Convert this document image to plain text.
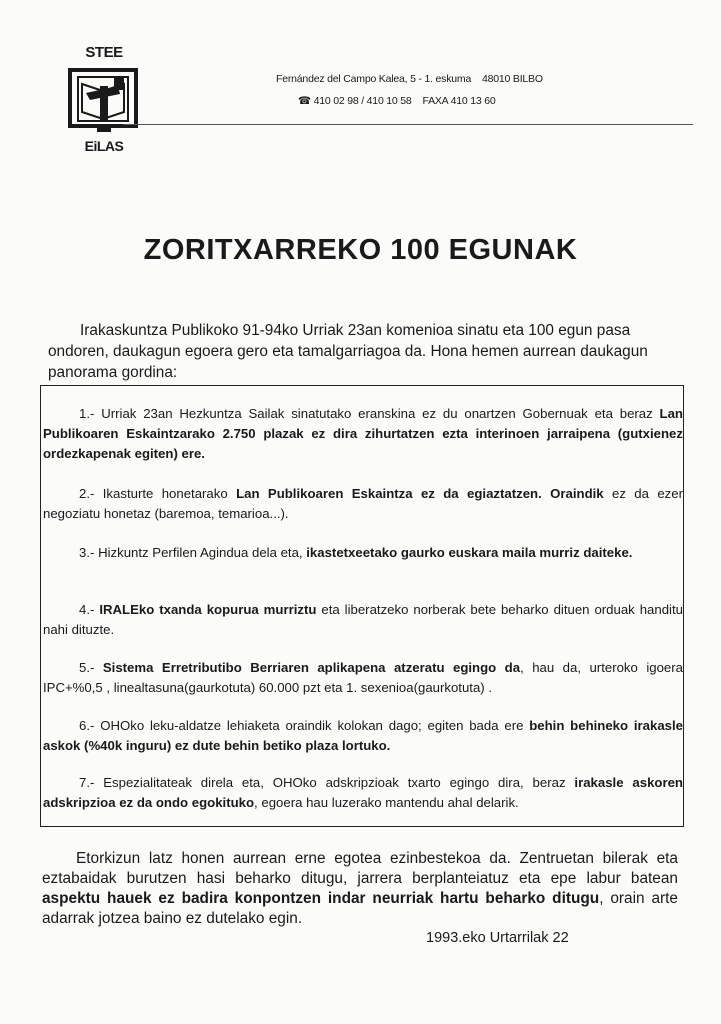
STEE
EiLAS
Fernández del Campo Kalea, 5 - 1. eskuma    48010 BILBO
☎ 410 02 98 / 410 10 58    FAXA 410 13 60
ZORITXARREKO 100 EGUNAK

Irakaskuntza Publikoko 91-94ko Urriak 23an komenioa sinatu eta 100 egun pasa ondoren, daukagun egoera gero eta tamalgarriagoa da. Hona hemen aurrean daukagun panorama gordina:

1.- Urriak 23an Hezkuntza Sailak sinatutako eranskina ez du onartzen Gobernuak eta beraz Lan Publikoaren Eskaintzarako 2.750 plazak ez dira zihurtatzen ezta interinoen jarraipena (gutxienez ordezkapenak egiten) ere.

2.- Ikasturte honetarako Lan Publikoaren Eskaintza ez da egiaztatzen. Oraindik ez da ezer negoziatu honetaz (baremoa, temarioa...).

3.- Hizkuntz Perfilen Agindua dela eta, ikastetxeetako gaurko euskara maila murriz daiteke.

4.- IRALEko txanda kopurua murriztu eta liberatzeko norberak bete beharko dituen orduak handitu nahi dituzte.

5.- Sistema Erretributibo Berriaren aplikapena atzeratu egingo da, hau da, urteroko igoera IPC+%0,5 , linealtasuna(gaurkotuta) 60.000 pzt eta 1. sexenioa(gaurkotuta) .

6.- OHOko leku-aldatze lehiaketa oraindik kolokan dago; egiten bada ere behin behineko irakasle askok (%40k inguru) ez dute behin betiko plaza lortuko.

7.- Espezialitateak direla eta, OHOko adskripzioak txarto egingo dira, beraz irakasle askoren adskripzioa ez da ondo egokituko, egoera hau luzerako mantendu ahal delarik.

Etorkizun latz honen aurrean erne egotea ezinbestekoa da. Zentruetan bilerak eta eztabaidak burutzen hasi beharko ditugu, jarrera berplanteiatuz eta epe labur batean aspektu hauek ez badira konpontzen indar neurriak hartu beharko ditugu, orain arte adarrak jotzea baino ez dutelako egin.

1993.eko Urtarrilak 22
